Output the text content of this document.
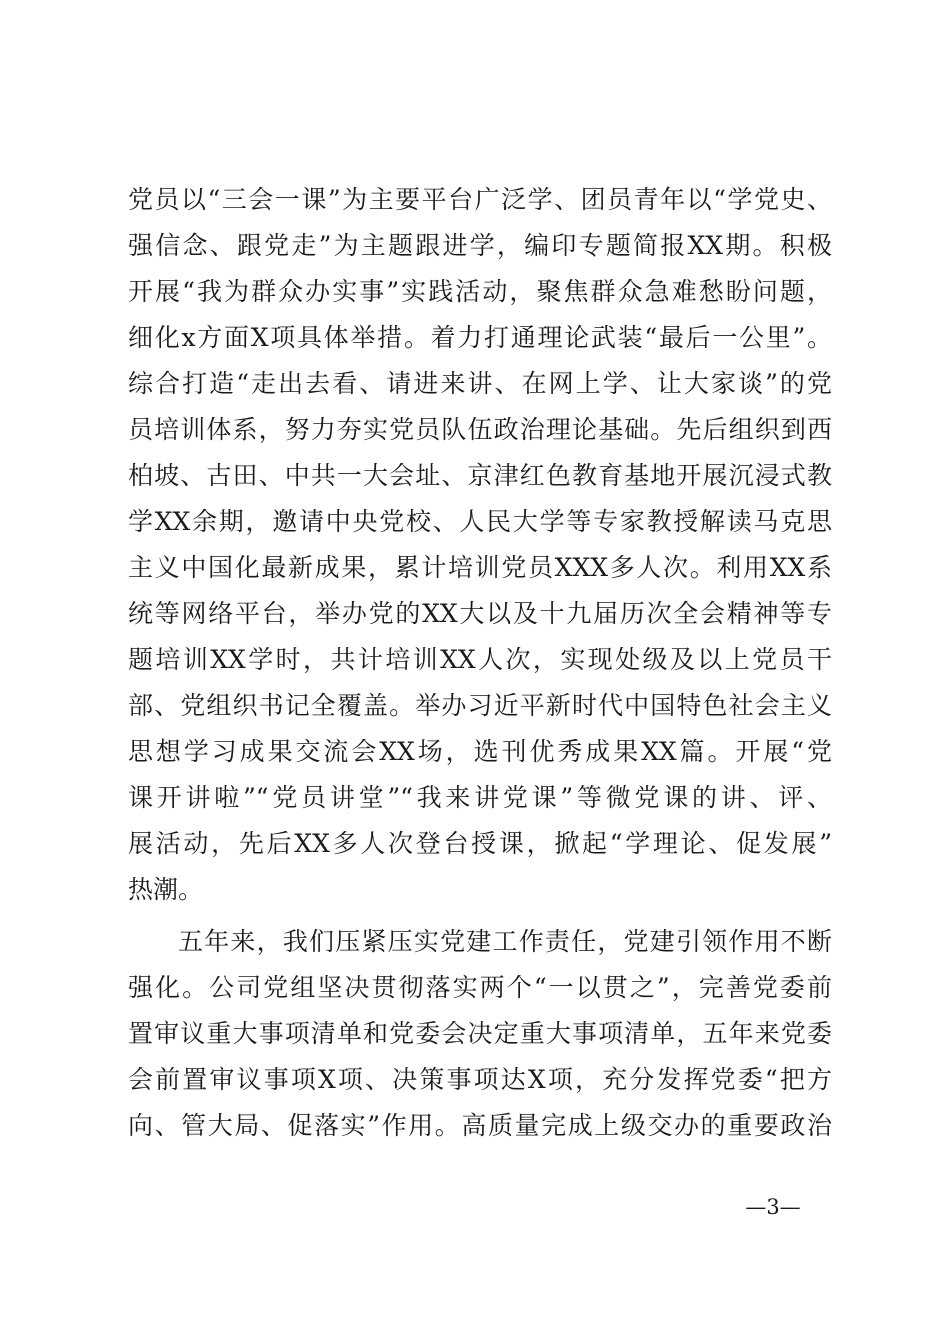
党员以“三会一课”为主要平台广泛学、团员青年以“学党史、
强信念、跟党走”为主题跟进学，编印专题简报XX期。积极
开展“我为群众办实事”实践活动，聚焦群众急难愁盼问题，
细化x方面X项具体举措。着力打通理论武装“最后一公里”。
综合打造“走出去看、请进来讲、在网上学、让大家谈”的党
员培训体系，努力夯实党员队伍政治理论基础。先后组织到西
柏坡、古田、中共一大会址、京津红色教育基地开展沉浸式教
学XX余期，邀请中央党校、人民大学等专家教授解读马克思
主义中国化最新成果，累计培训党员XXX多人次。利用XX系
统等网络平台，举办党的XX大以及十九届历次全会精神等专
题培训XX学时，共计培训XX人次，实现处级及以上党员干
部、党组织书记全覆盖。举办习近平新时代中国特色社会主义
思想学习成果交流会XX场，选刊优秀成果XX篇。开展“党
课开讲啦”“党员讲堂”“我来讲党课”等微党课的讲、评、
展活动，先后XX多人次登台授课，掀起“学理论、促发展”
热潮。
五年来，我们压紧压实党建工作责任，党建引领作用不断
强化。公司党组坚决贯彻落实两个“一以贯之”，完善党委前
置审议重大事项清单和党委会决定重大事项清单，五年来党委
会前置审议事项X项、决策事项达X项，充分发挥党委“把方
向、管大局、促落实”作用。高质量完成上级交办的重要政治
—3—
